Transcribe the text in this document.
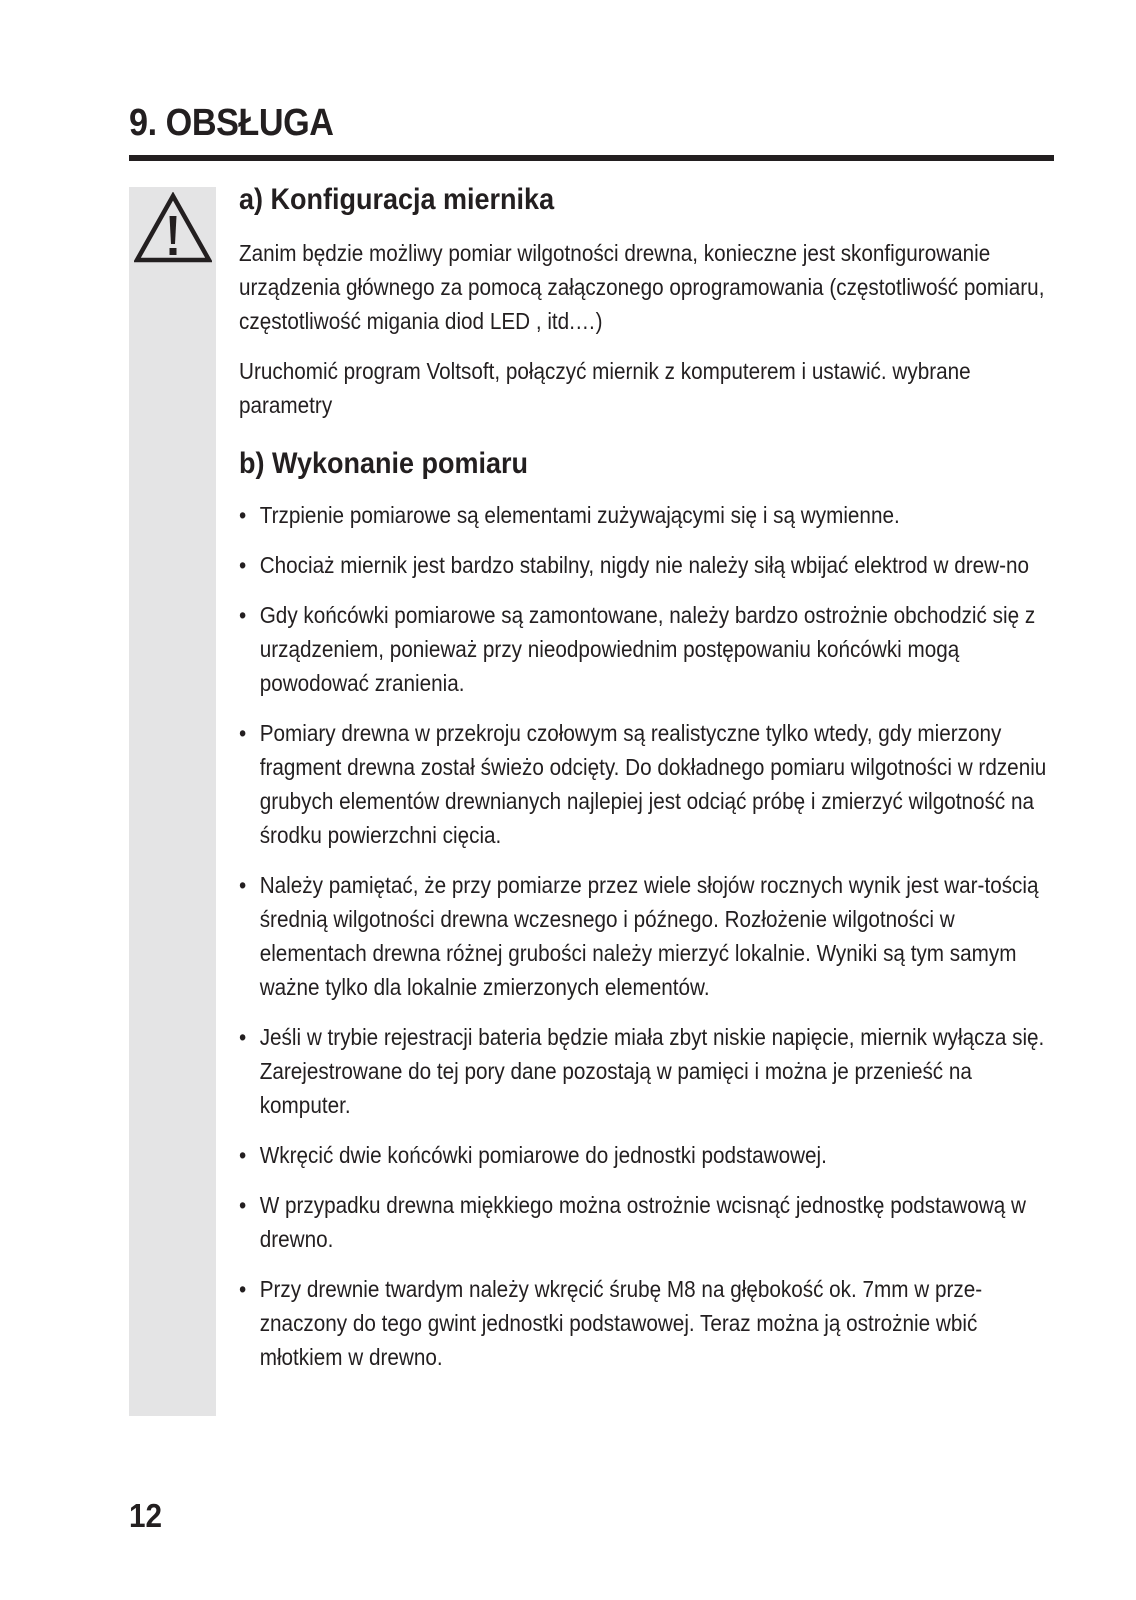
9. OBSŁUGA
a) Konfiguracja miernika

Zanim będzie możliwy pomiar wilgotności drewna, konieczne jest skonfigurowanie urządzenia głównego za pomocą załączonego oprogramowania (częstotliwość pomiaru, częstotliwość migania diod LED , itd.…)

Uruchomić program Voltsoft, połączyć miernik z komputerem i ustawić. wybrane parametry

b) Wykonanie pomiaru
• Trzpienie pomiarowe są elementami zużywającymi się i są wymienne.
• Chociaż miernik jest bardzo stabilny, nigdy nie należy siłą wbijać elektrod w drew-no
• Gdy końcówki pomiarowe są zamontowane, należy bardzo ostrożnie obchodzić się z urządzeniem, ponieważ przy nieodpowiednim postępowaniu końcówki mogą powodować zranienia.
• Pomiary drewna w przekroju czołowym są realistyczne tylko wtedy, gdy mierzony fragment drewna został świeżo odcięty. Do dokładnego pomiaru wilgotności w rdzeniu grubych elementów drewnianych najlepiej jest odciąć próbę i zmierzyć wilgotność na środku powierzchni cięcia.
• Należy pamiętać, że przy pomiarze przez wiele słojów rocznych wynik jest war-tością średnią wilgotności drewna wczesnego i późnego. Rozłożenie wilgotności w elementach drewna różnej grubości należy mierzyć lokalnie. Wyniki są tym samym ważne tylko dla lokalnie zmierzonych elementów.
• Jeśli w trybie rejestracji bateria będzie miała zbyt niskie napięcie, miernik wyłącza się. Zarejestrowane do tej pory dane pozostają w pamięci i można je przenieść na komputer.
• Wkręcić dwie końcówki pomiarowe do jednostki podstawowej.
• W przypadku drewna miękkiego można ostrożnie wcisnąć jednostkę podstawową w drewno.
• Przy drewnie twardym należy wkręcić śrubę M8 na głębokość ok. 7mm w prze-znaczony do tego gwint jednostki podstawowej. Teraz można ją ostrożnie wbić młotkiem w drewno.
12
